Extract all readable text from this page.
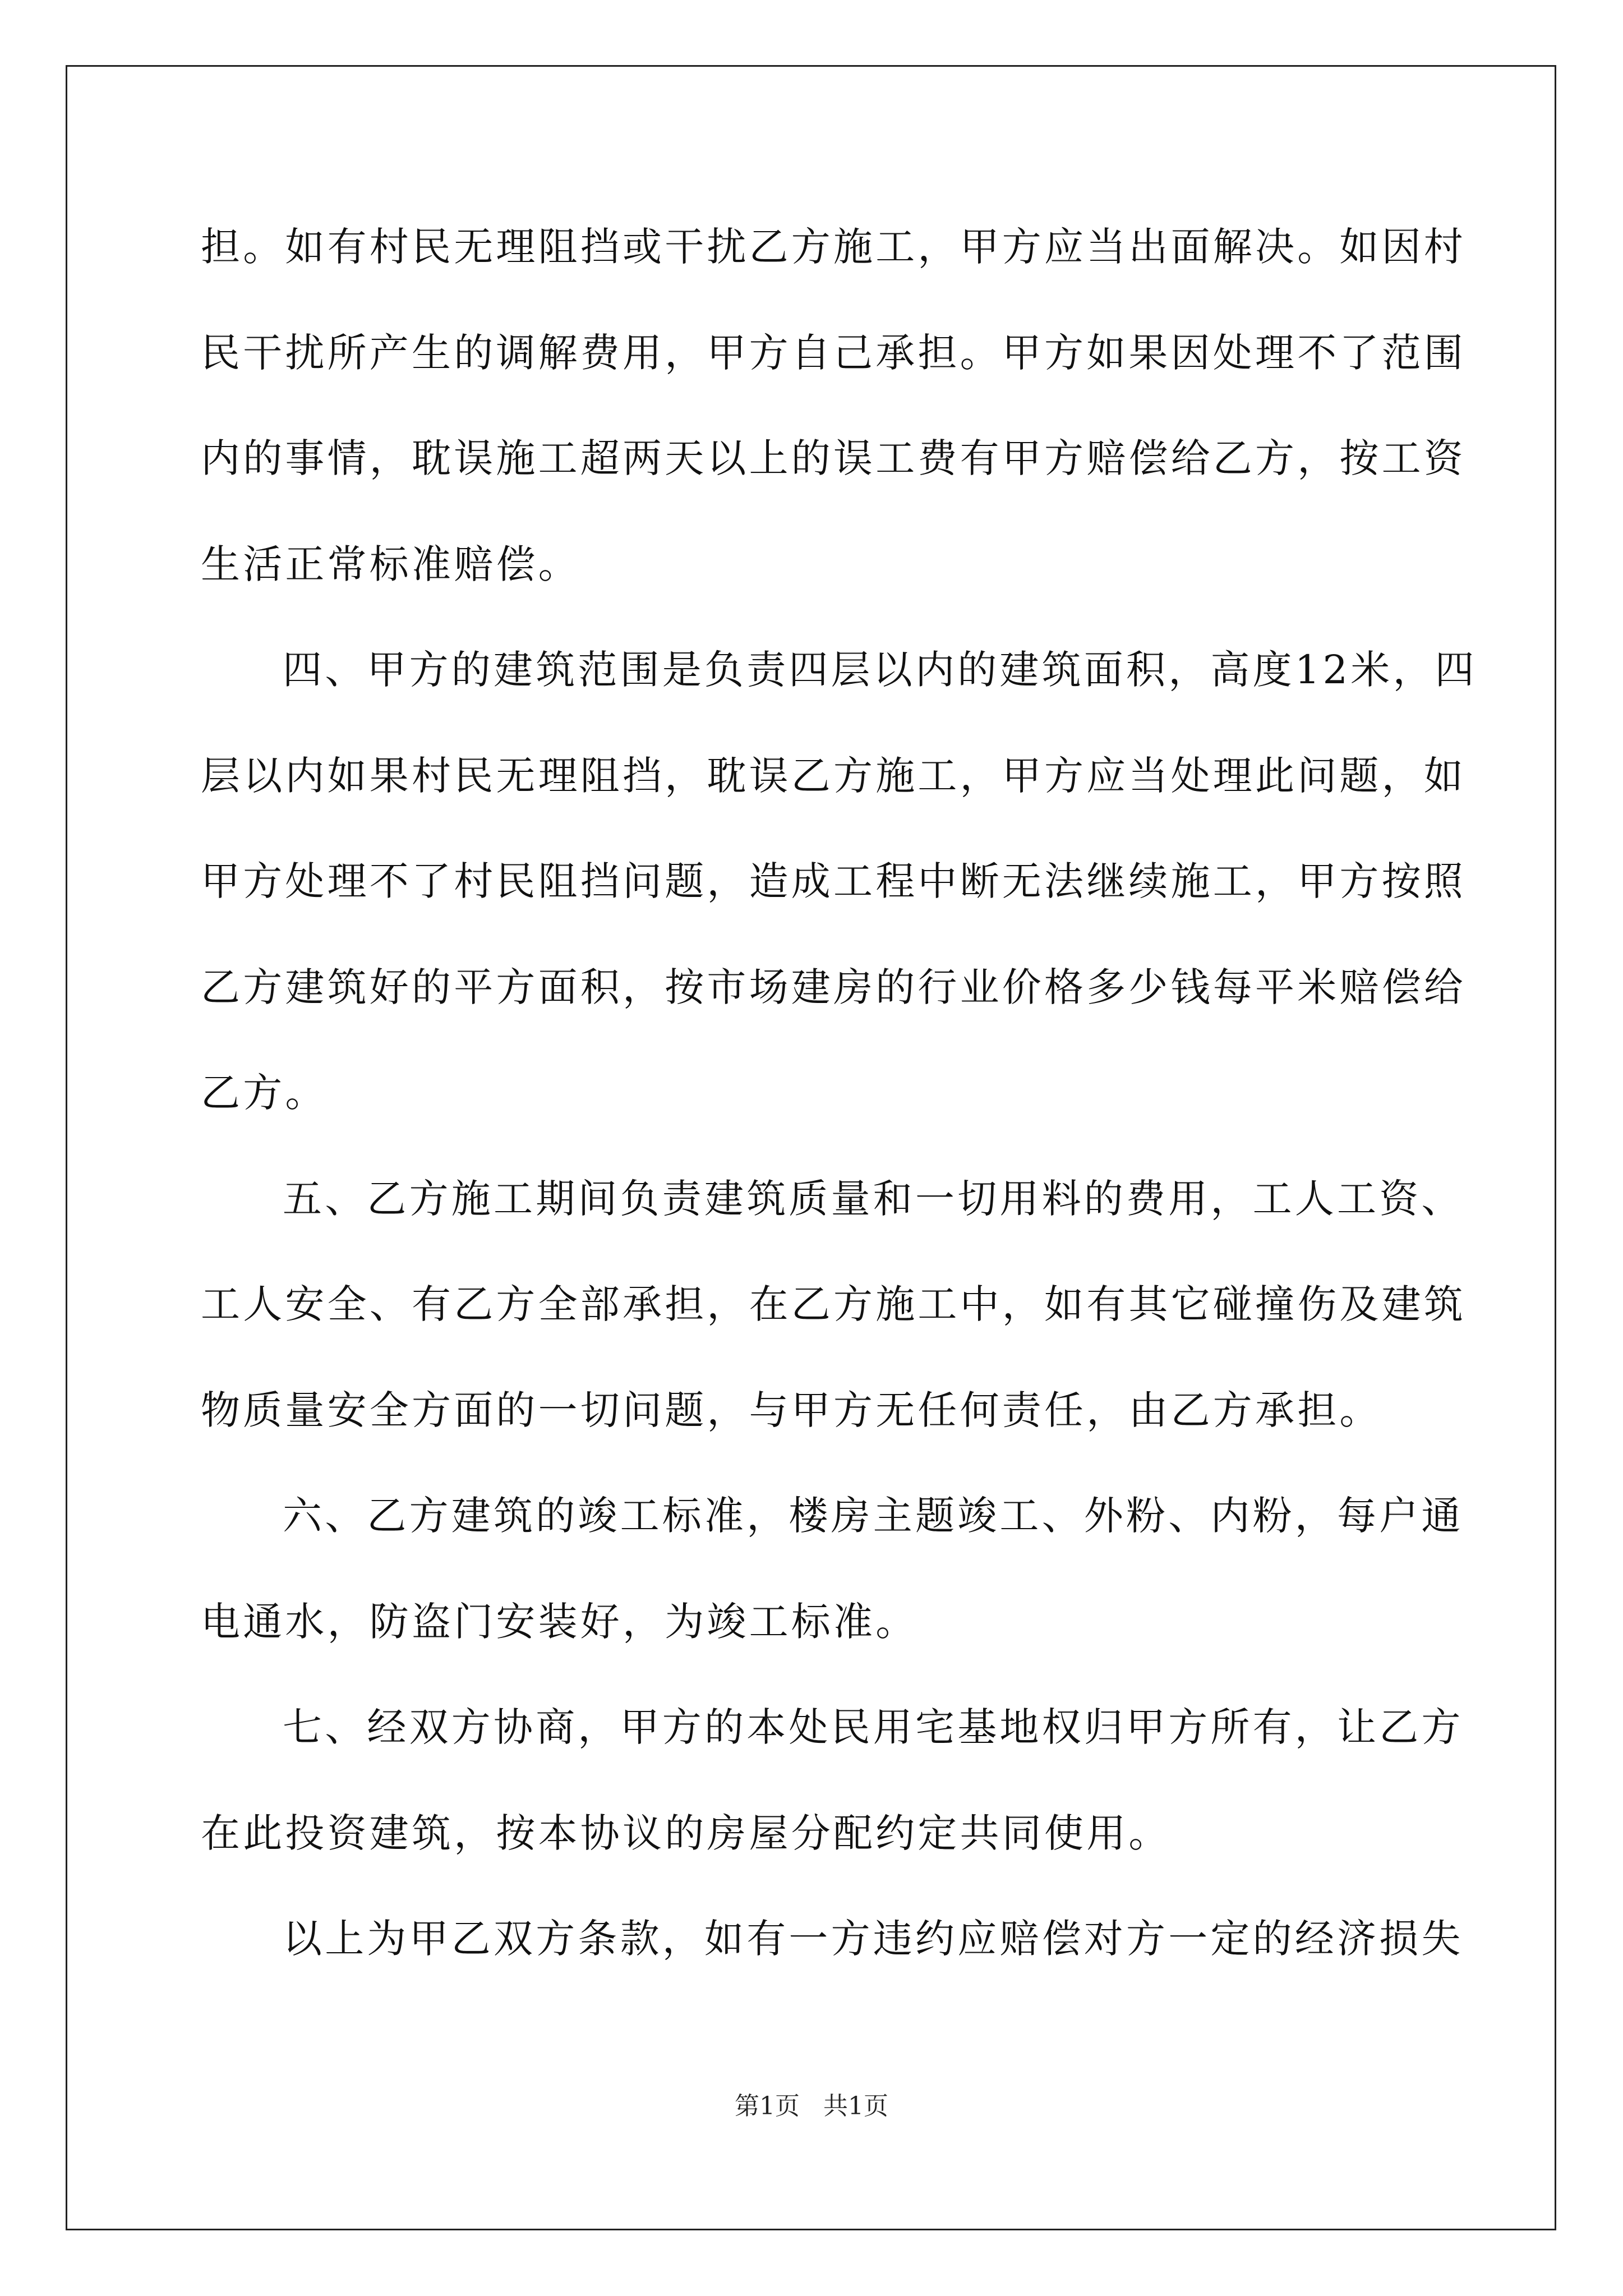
担。如有村民无理阻挡或干扰乙方施工，甲方应当出面解决。如因村
民干扰所产生的调解费用，甲方自己承担。甲方如果因处理不了范围
内的事情，耽误施工超两天以上的误工费有甲方赔偿给乙方，按工资
生活正常标准赔偿。
四、甲方的建筑范围是负责四层以内的建筑面积，高度12米，四
层以内如果村民无理阻挡，耽误乙方施工，甲方应当处理此问题，如
甲方处理不了村民阻挡问题，造成工程中断无法继续施工，甲方按照
乙方建筑好的平方面积，按市场建房的行业价格多少钱每平米赔偿给
乙方。
五、乙方施工期间负责建筑质量和一切用料的费用，工人工资、
工人安全、有乙方全部承担，在乙方施工中，如有其它碰撞伤及建筑
物质量安全方面的一切问题，与甲方无任何责任，由乙方承担。
六、乙方建筑的竣工标准，楼房主题竣工、外粉、内粉，每户通
电通水，防盗门安装好，为竣工标准。
七、经双方协商，甲方的本处民用宅基地权归甲方所有，让乙方
在此投资建筑，按本协议的房屋分配约定共同使用。
以上为甲乙双方条款，如有一方违约应赔偿对方一定的经济损失
第1页   共1页
